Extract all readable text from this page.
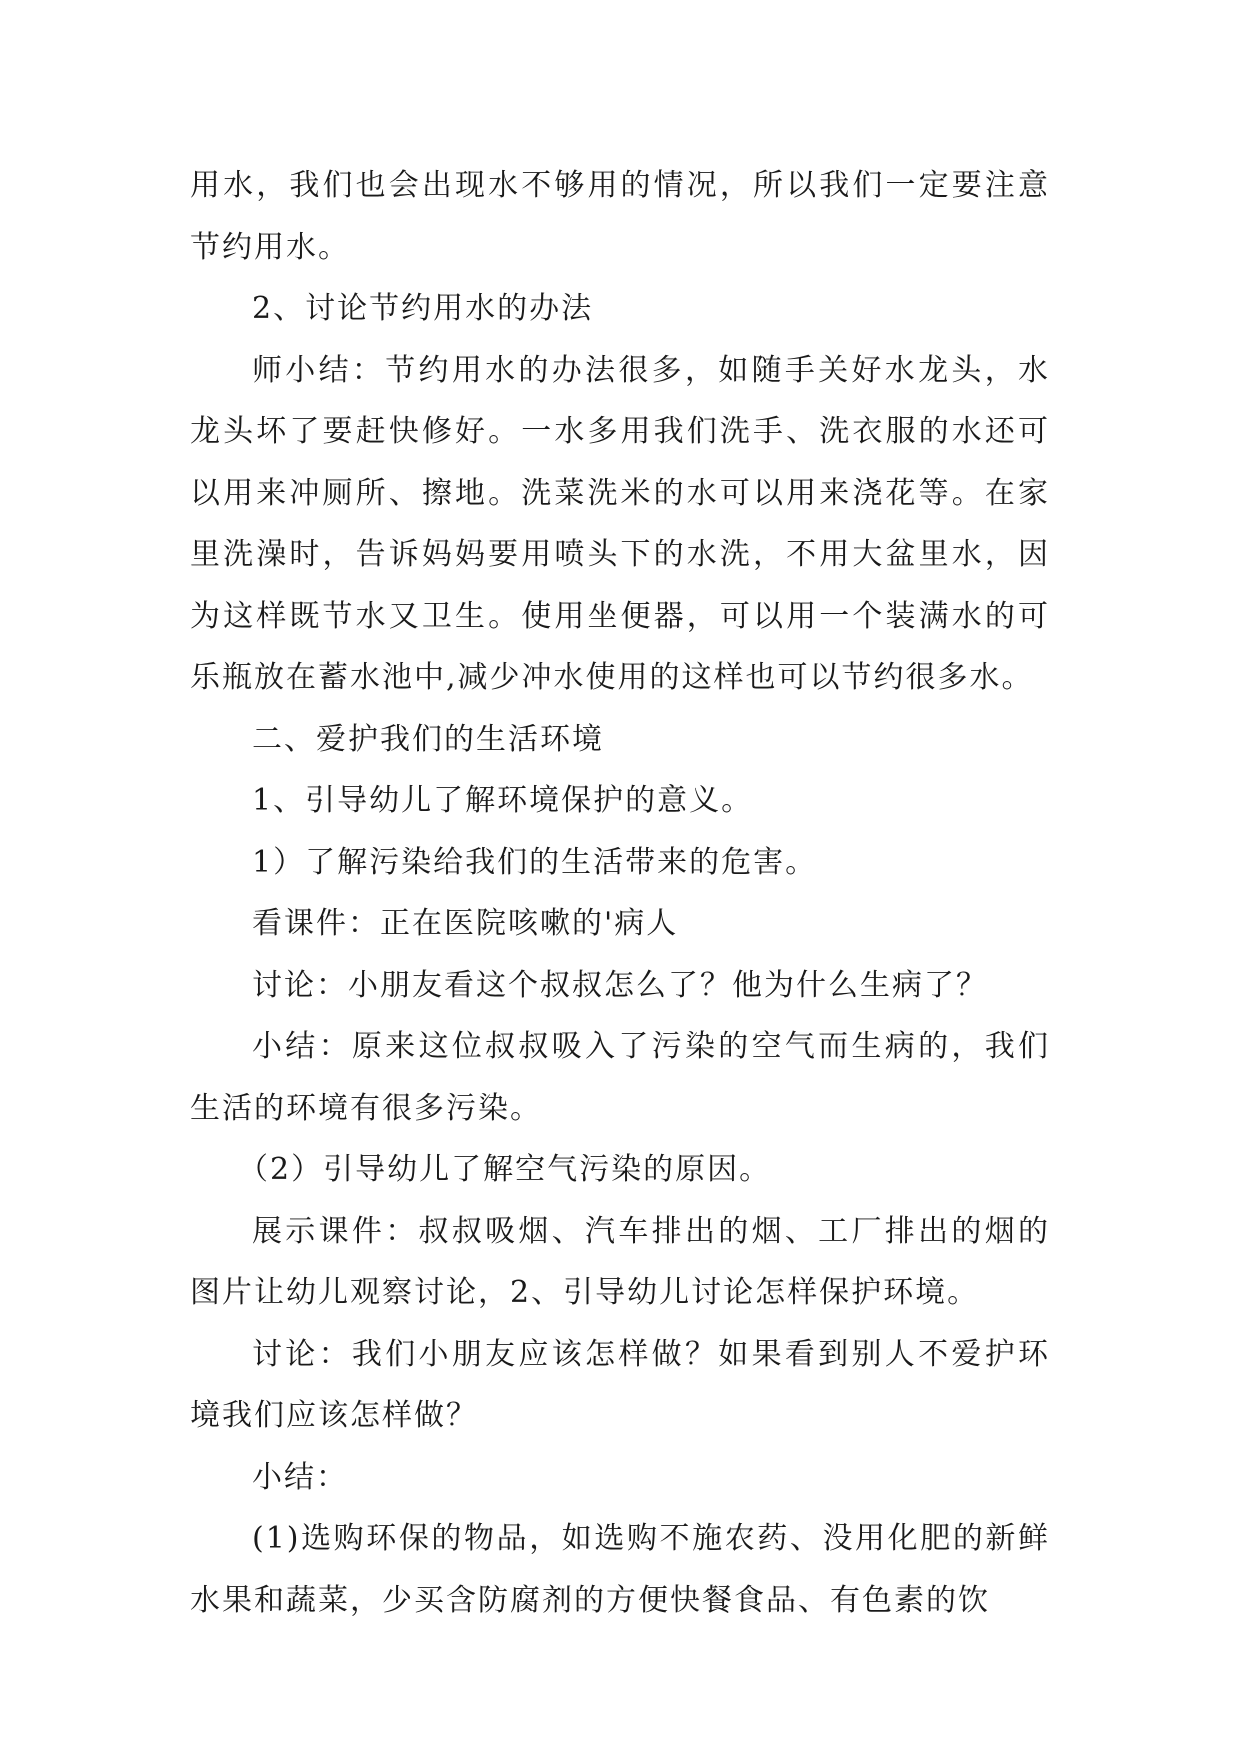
用水，我们也会出现水不够用的情况，所以我们一定要注意节约用水。

2、讨论节约用水的办法

师小结：节约用水的办法很多，如随手关好水龙头，水龙头坏了要赶快修好。一水多用我们洗手、洗衣服的水还可以用来冲厕所、擦地。洗菜洗米的水可以用来浇花等。在家里洗澡时，告诉妈妈要用喷头下的水洗，不用大盆里水，因为这样既节水又卫生。使用坐便器，可以用一个装满水的可乐瓶放在蓄水池中,减少冲水使用的这样也可以节约很多水。

二、爱护我们的生活环境

1、引导幼儿了解环境保护的意义。

1）了解污染给我们的生活带来的危害。

看课件：正在医院咳嗽的'病人

讨论：小朋友看这个叔叔怎么了？他为什么生病了？

小结：原来这位叔叔吸入了污染的空气而生病的，我们生活的环境有很多污染。

（2）引导幼儿了解空气污染的原因。

展示课件：叔叔吸烟、汽车排出的烟、工厂排出的烟的图片让幼儿观察讨论，2、引导幼儿讨论怎样保护环境。

讨论：我们小朋友应该怎样做？如果看到别人不爱护环境我们应该怎样做？

小结：

(1)选购环保的物品，如选购不施农药、没用化肥的新鲜水果和蔬菜，少买含防腐剂的方便快餐食品、有色素的饮
